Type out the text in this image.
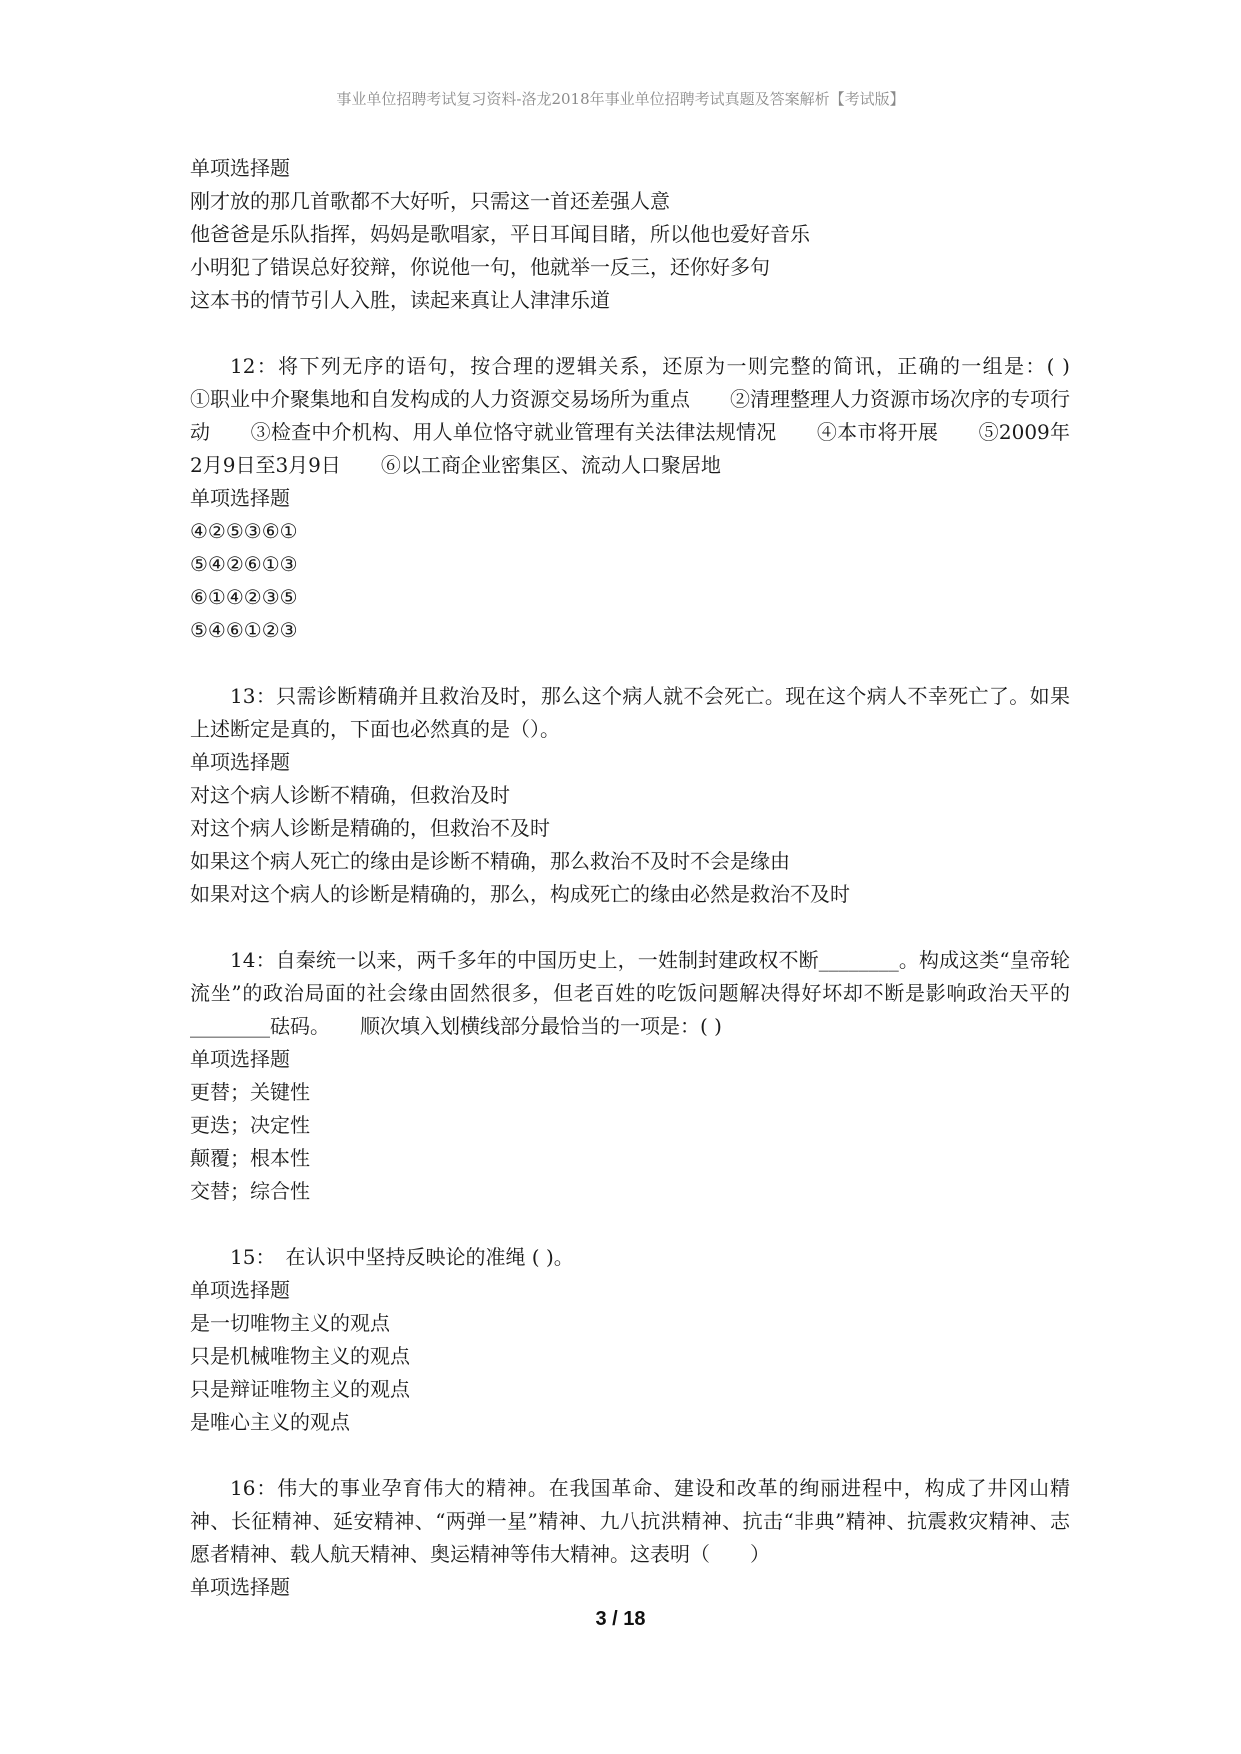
事业单位招聘考试复习资料-洛龙2018年事业单位招聘考试真题及答案解析【考试版】
单项选择题
刚才放的那几首歌都不大好听，只需这一首还差强人意
他爸爸是乐队指挥，妈妈是歌唱家，平日耳闻目睹，所以他也爱好音乐
小明犯了错误总好狡辩，你说他一句，他就举一反三，还你好多句
这本书的情节引人入胜，读起来真让人津津乐道
12：将下列无序的语句，按合理的逻辑关系，还原为一则完整的简讯，正确的一组是：( )　　①职业中介聚集地和自发构成的人力资源交易场所为重点　　②清理整理人力资源市场次序的专项行动　　③检查中介机构、用人单位恪守就业管理有关法律法规情况　　④本市将开展　　⑤2009年2月9日至3月9日　　⑥以工商企业密集区、流动人口聚居地
单项选择题
④②⑤③⑥①
⑤④②⑥①③
⑥①④②③⑤
⑤④⑥①②③
13：只需诊断精确并且救治及时，那么这个病人就不会死亡。现在这个病人不幸死亡了。如果上述断定是真的，下面也必然真的是（）。
单项选择题
对这个病人诊断不精确，但救治及时
对这个病人诊断是精确的，但救治不及时
如果这个病人死亡的缘由是诊断不精确，那么救治不及时不会是缘由
如果对这个病人的诊断是精确的，那么，构成死亡的缘由必然是救治不及时
14：自秦统一以来，两千多年的中国历史上，一姓制封建政权不断________。构成这类“皇帝轮流坐”的政治局面的社会缘由固然很多，但老百姓的吃饭问题解决得好坏却不断是影响政治天平的________砝码。　　顺次填入划横线部分最恰当的一项是：( )
单项选择题
更替；关键性
更迭；决定性
颠覆；根本性
交替；综合性
15：　在认识中坚持反映论的准绳 ( )。
单项选择题
是一切唯物主义的观点
只是机械唯物主义的观点
只是辩证唯物主义的观点
是唯心主义的观点
16：伟大的事业孕育伟大的精神。在我国革命、建设和改革的绚丽进程中，构成了井冈山精神、长征精神、延安精神、“两弹一星”精神、九八抗洪精神、抗击“非典”精神、抗震救灾精神、志愿者精神、载人航天精神、奥运精神等伟大精神。这表明（　　）
单项选择题
3 / 18
